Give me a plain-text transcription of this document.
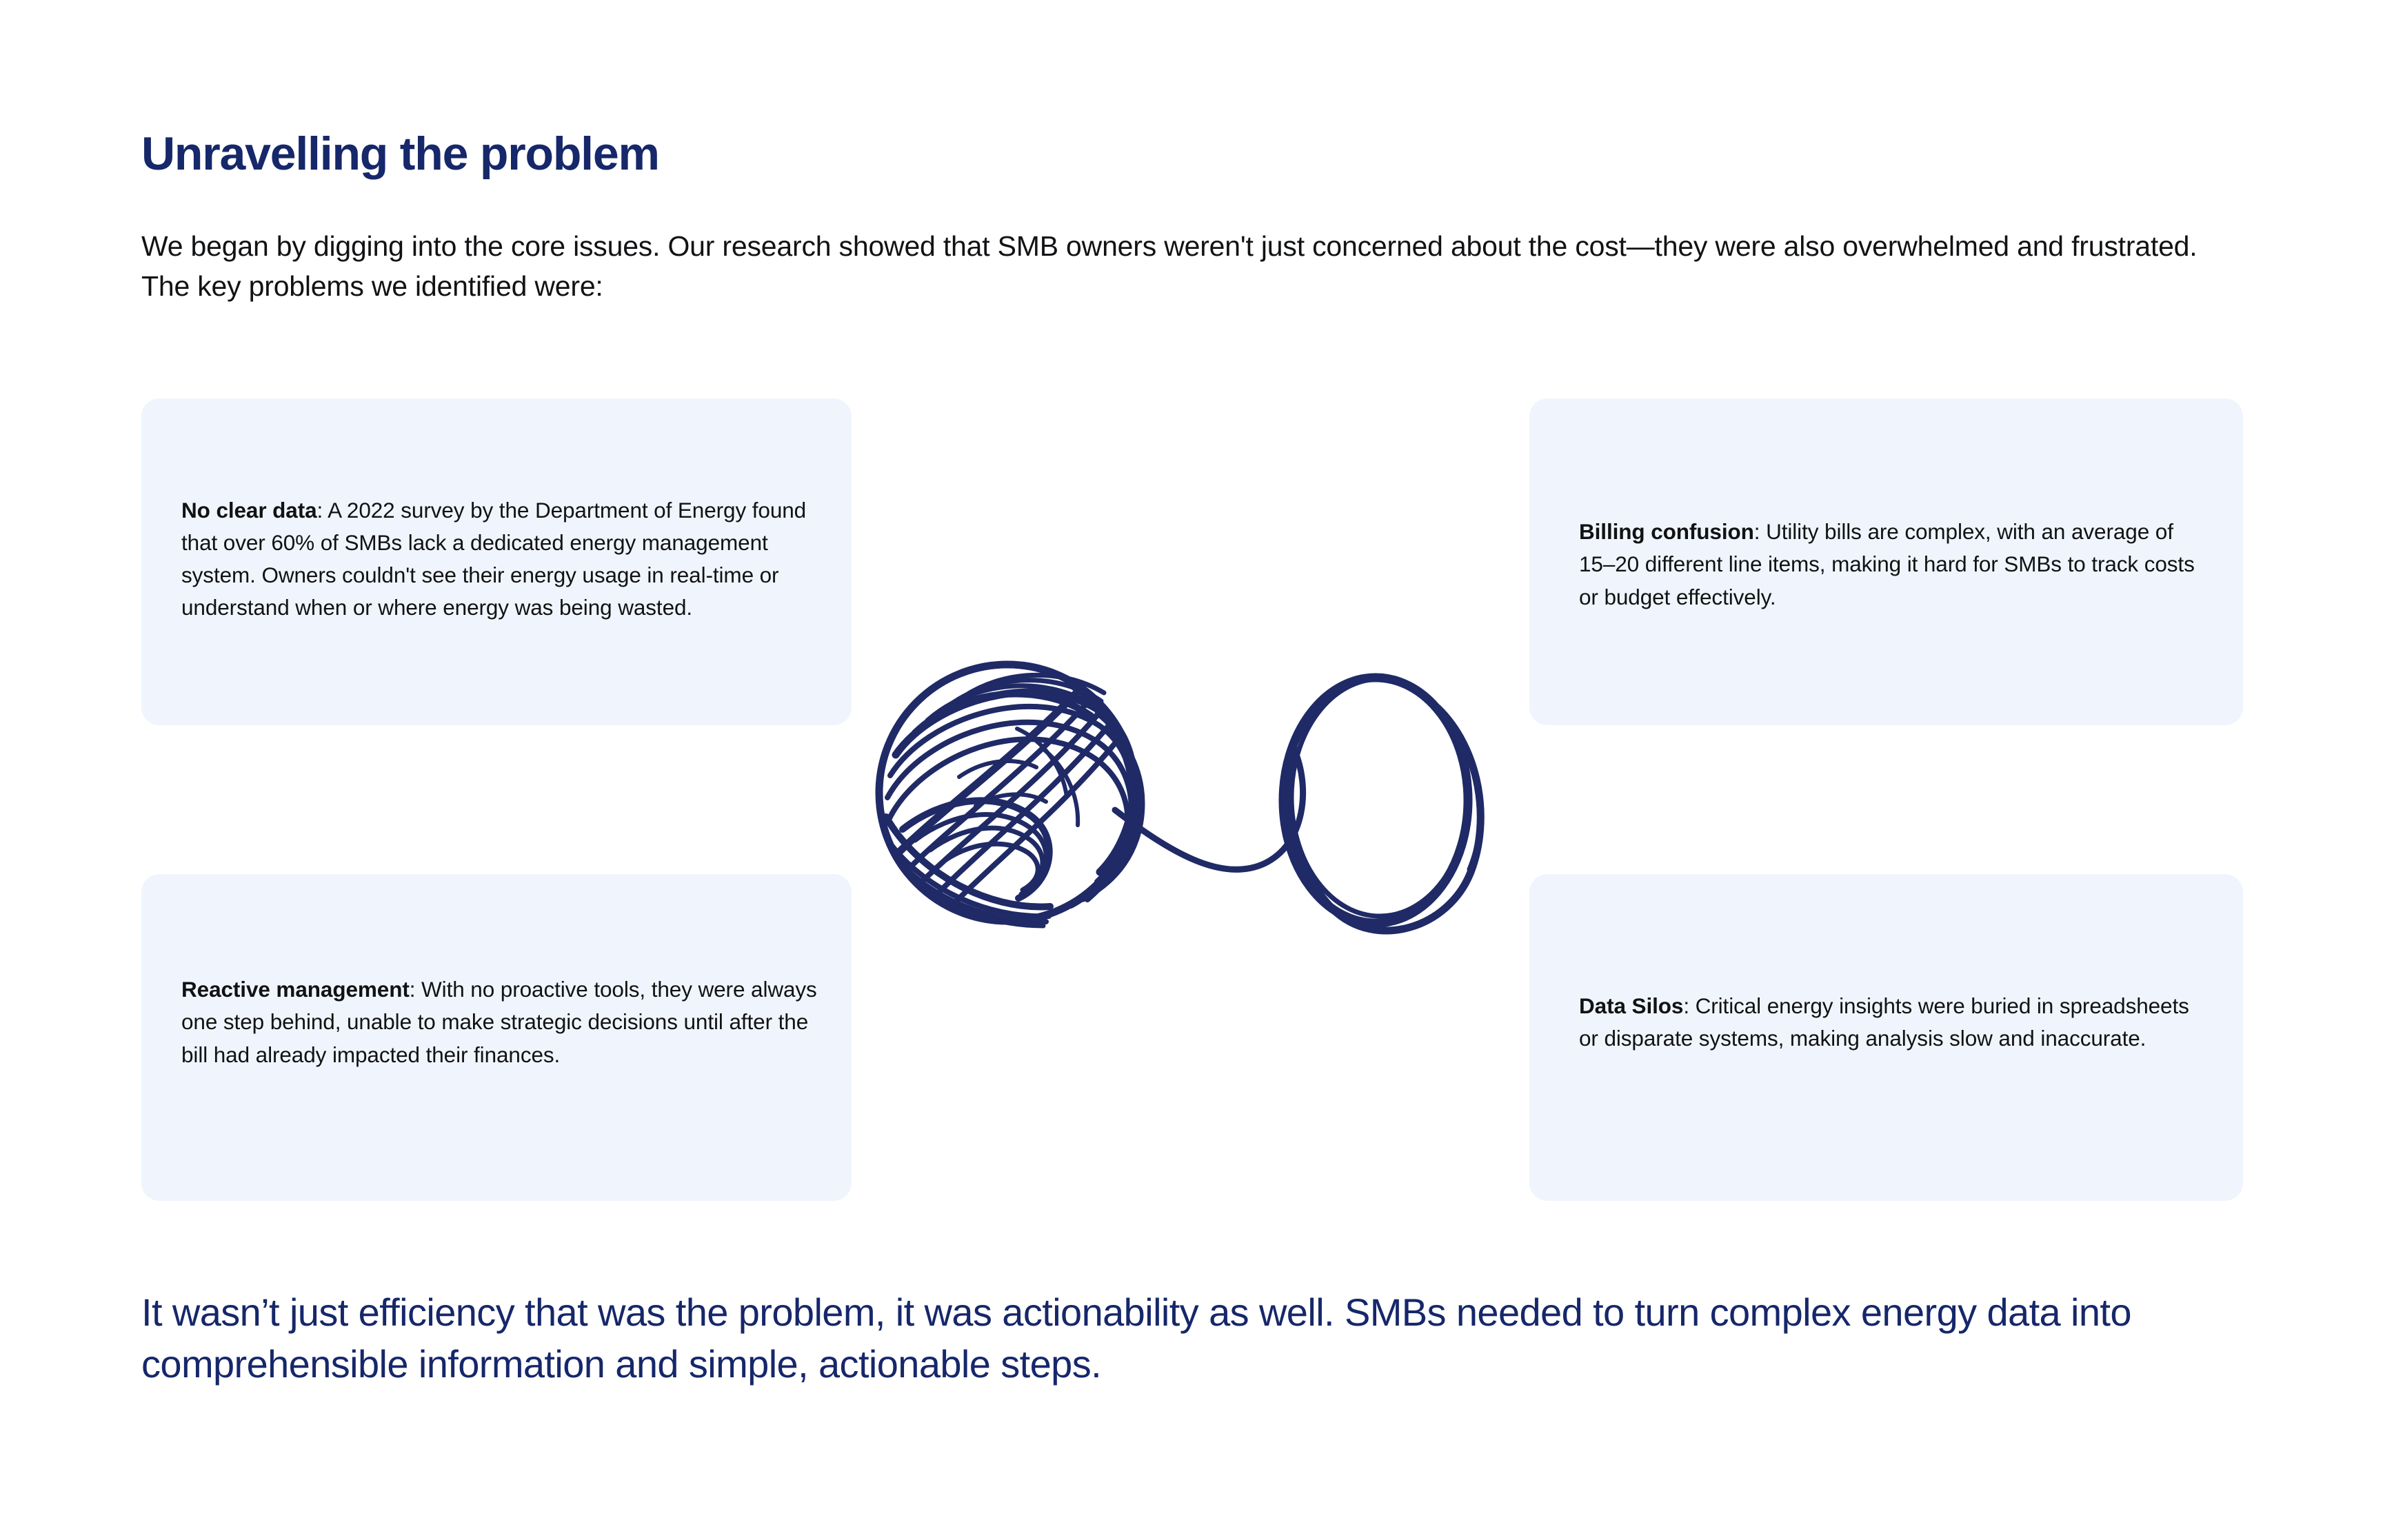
Unravelling the problem

We began by digging into the core issues. Our research showed that SMB owners weren't just concerned about the cost—they were also overwhelmed and frustrated. The key problems we identified were:

No clear data: A 2022 survey by the Department of Energy found that over 60% of SMBs lack a dedicated energy management system. Owners couldn't see their energy usage in real-time or understand when or where energy was being wasted.
Billing confusion: Utility bills are complex, with an average of 15–20 different line items, making it hard for SMBs to track costs or budget effectively.
Reactive management: With no proactive tools, they were always one step behind, unable to make strategic decisions until after the bill had already impacted their finances.
Data Silos: Critical energy insights were buried in spreadsheets or disparate systems, making analysis slow and inaccurate.

It wasn’t just efficiency that was the problem, it was actionability as well. SMBs needed to turn complex energy data into comprehensible information and simple, actionable steps.
